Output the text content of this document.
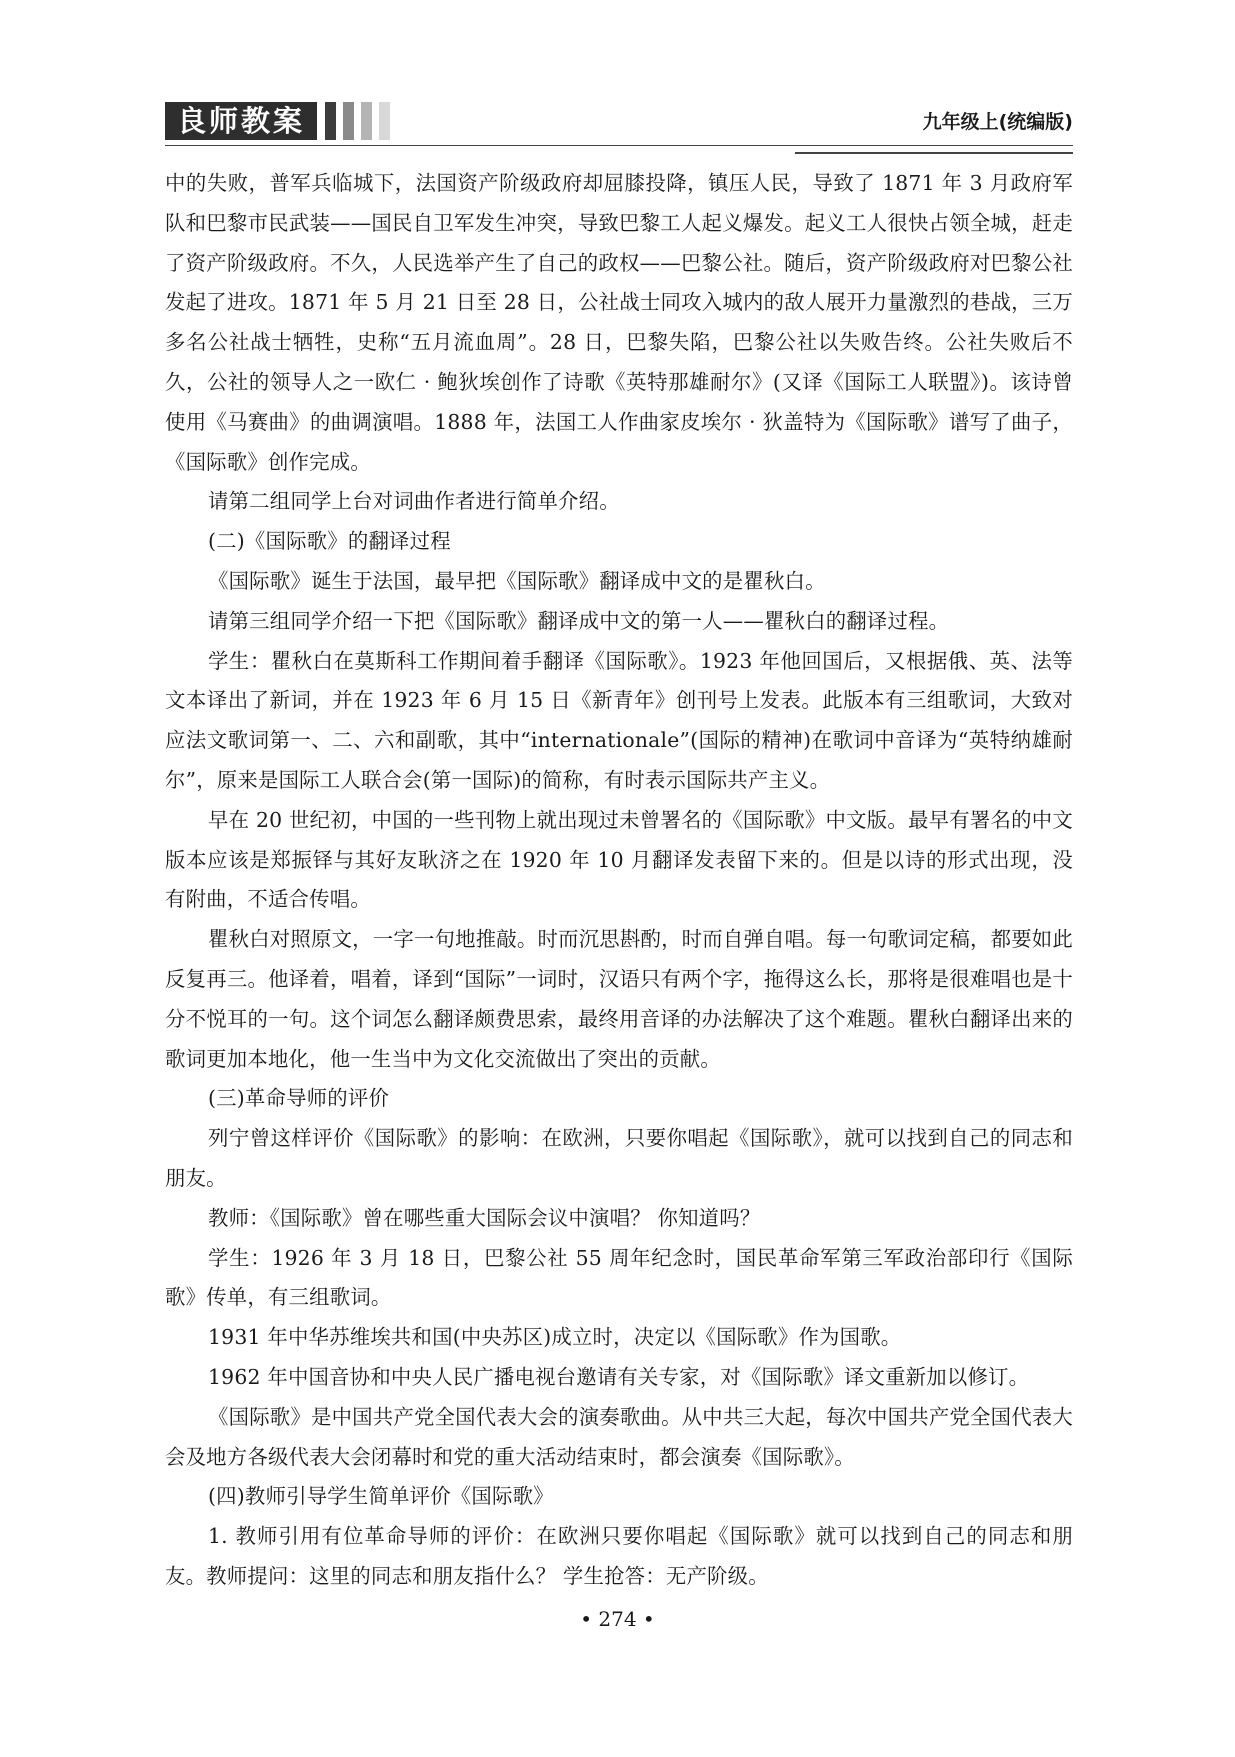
良师教案	九年级上(统编版)

中的失败，普军兵临城下，法国资产阶级政府却屈膝投降，镇压人民，导致了 1871 年 3 月政府军队和巴黎市民武装——国民自卫军发生冲突，导致巴黎工人起义爆发。起义工人很快占领全城，赶走了资产阶级政府。不久，人民选举产生了自己的政权——巴黎公社。随后，资产阶级政府对巴黎公社发起了进攻。1871 年 5 月 21 日至 28 日，公社战士同攻入城内的敌人展开力量激烈的巷战，三万多名公社战士牺牲，史称“五月流血周”。28 日，巴黎失陷，巴黎公社以失败告终。公社失败后不久，公社的领导人之一欧仁 · 鲍狄埃创作了诗歌《英特那雄耐尔》(又译《国际工人联盟》)。该诗曾使用《马赛曲》的曲调演唱。1888 年，法国工人作曲家皮埃尔 · 狄盖特为《国际歌》谱写了曲子，《国际歌》创作完成。

请第二组同学上台对词曲作者进行简单介绍。

(二)《国际歌》的翻译过程

《国际歌》诞生于法国，最早把《国际歌》翻译成中文的是瞿秋白。

请第三组同学介绍一下把《国际歌》翻译成中文的第一人——瞿秋白的翻译过程。

学生：瞿秋白在莫斯科工作期间着手翻译《国际歌》。1923 年他回国后，又根据俄、英、法等文本译出了新词，并在 1923 年 6 月 15 日《新青年》创刊号上发表。此版本有三组歌词，大致对应法文歌词第一、二、六和副歌，其中“internationale”(国际的精神)在歌词中音译为“英特纳雄耐尔”，原来是国际工人联合会(第一国际)的简称，有时表示国际共产主义。

早在 20 世纪初，中国的一些刊物上就出现过未曾署名的《国际歌》中文版。最早有署名的中文版本应该是郑振铎与其好友耿济之在 1920 年 10 月翻译发表留下来的。但是以诗的形式出现，没有附曲，不适合传唱。

瞿秋白对照原文，一字一句地推敲。时而沉思斟酌，时而自弹自唱。每一句歌词定稿，都要如此反复再三。他译着，唱着，译到“国际”一词时，汉语只有两个字，拖得这么长，那将是很难唱也是十分不悦耳的一句。这个词怎么翻译颇费思索，最终用音译的办法解决了这个难题。瞿秋白翻译出来的歌词更加本地化，他一生当中为文化交流做出了突出的贡献。

(三)革命导师的评价

列宁曾这样评价《国际歌》的影响：在欧洲，只要你唱起《国际歌》，就可以找到自己的同志和朋友。

教师：《国际歌》曾在哪些重大国际会议中演唱？ 你知道吗？

学生：1926 年 3 月 18 日，巴黎公社 55 周年纪念时，国民革命军第三军政治部印行《国际歌》传单，有三组歌词。

1931 年中华苏维埃共和国(中央苏区)成立时，决定以《国际歌》作为国歌。

1962 年中国音协和中央人民广播电视台邀请有关专家，对《国际歌》译文重新加以修订。

《国际歌》是中国共产党全国代表大会的演奏歌曲。从中共三大起，每次中国共产党全国代表大会及地方各级代表大会闭幕时和党的重大活动结束时，都会演奏《国际歌》。

(四)教师引导学生简单评价《国际歌》

1. 教师引用有位革命导师的评价：在欧洲只要你唱起《国际歌》就可以找到自己的同志和朋友。教师提问：这里的同志和朋友指什么？ 学生抢答：无产阶级。

• 274 •
